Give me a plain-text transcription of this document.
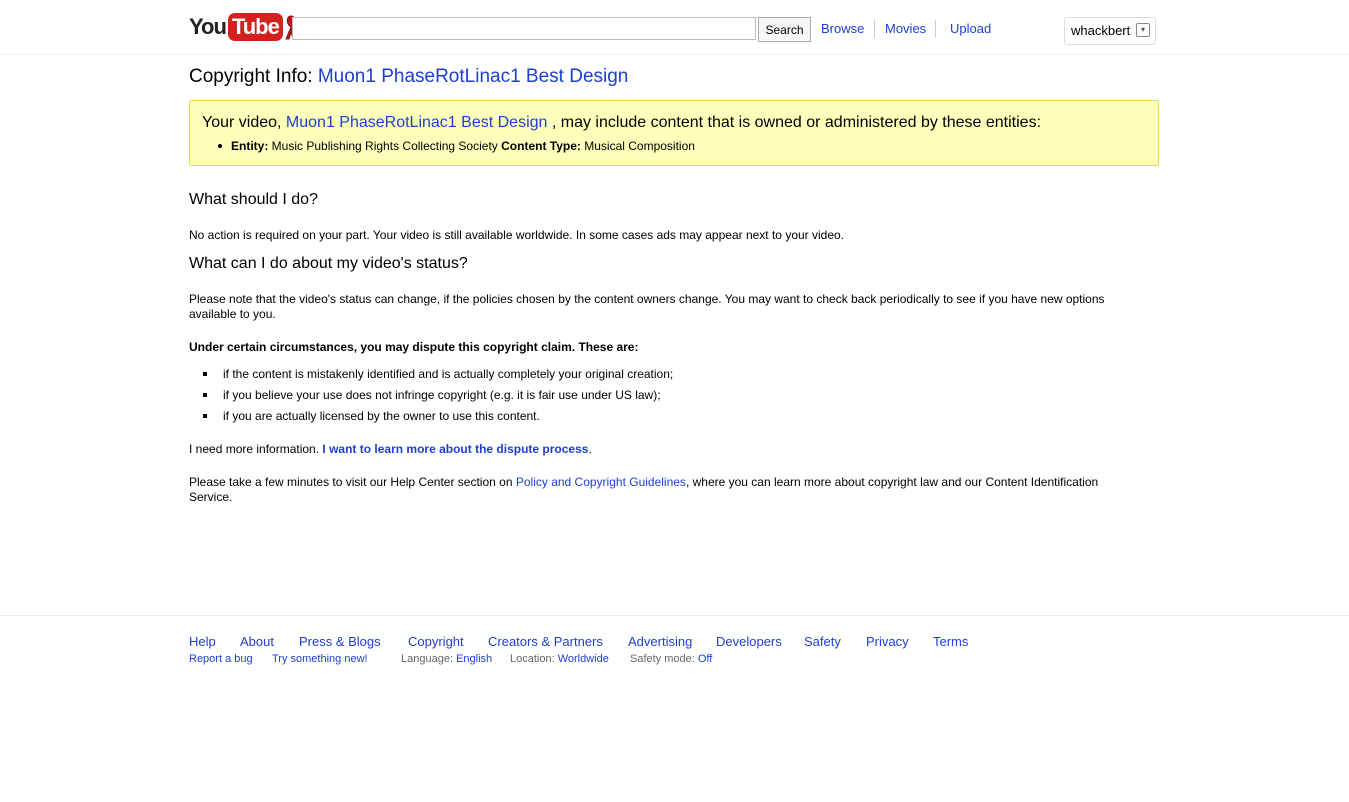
You Tube	Search	Browse Movies Upload	whackbert	▾
Copyright Info: Muon1 PhaseRotLinac1 Best Design
Your video, Muon1 PhaseRotLinac1 Best Design , may include content that is owned or administered by these entities:
Entity: Music Publishing Rights Collecting Society Content Type: Musical Composition
What should I do?
No action is required on your part. Your video is still available worldwide. In some cases ads may appear next to your video.
What can I do about my video's status?
Please note that the video's status can change, if the policies chosen by the content owners change. You may want to check back periodically to see if you have new options available to you.
Under certain circumstances, you may dispute this copyright claim. These are:
if the content is mistakenly identified and is actually completely your original creation;
if you believe your use does not infringe copyright (e.g. it is fair use under US law);
if you are actually licensed by the owner to use this content.
I need more information. I want to learn more about the dispute process.
Please take a few minutes to visit our Help Center section on Policy and Copyright Guidelines, where you can learn more about copyright law and our Content Identification Service.
Help About Press & Blogs Copyright Creators & Partners Advertising Developers Safety Privacy Terms
Report a bug Try something new!	Language: English Location: Worldwide Safety mode: Off
